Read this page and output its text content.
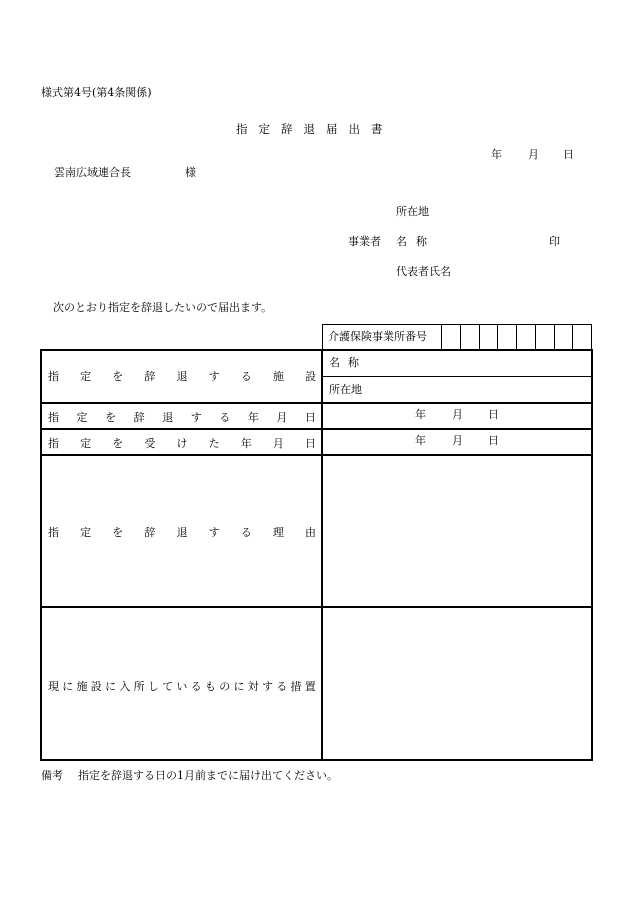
様式第4号(第4条関係)
指定辞退届出書
年 月 日
雲南広域連合長	様
所在地
事業者 名称	印
代表者氏名
次のとおり指定を辞退したいので届出ます。
介護保険事業所番号
指 定 を 辞 退 す る 施 設
指 定 を 辞 退 す る 年 月 日
指 定 を 受 け た 年 月 日
指 定 を 辞 退 す る 理 由
現 に 施 設 に 入 所 し て い る も の に 対 す る 措 置
名称
所在地
年 月 日
年 月 日
備考 指定を辞退する日の1月前までに届け出てください。
